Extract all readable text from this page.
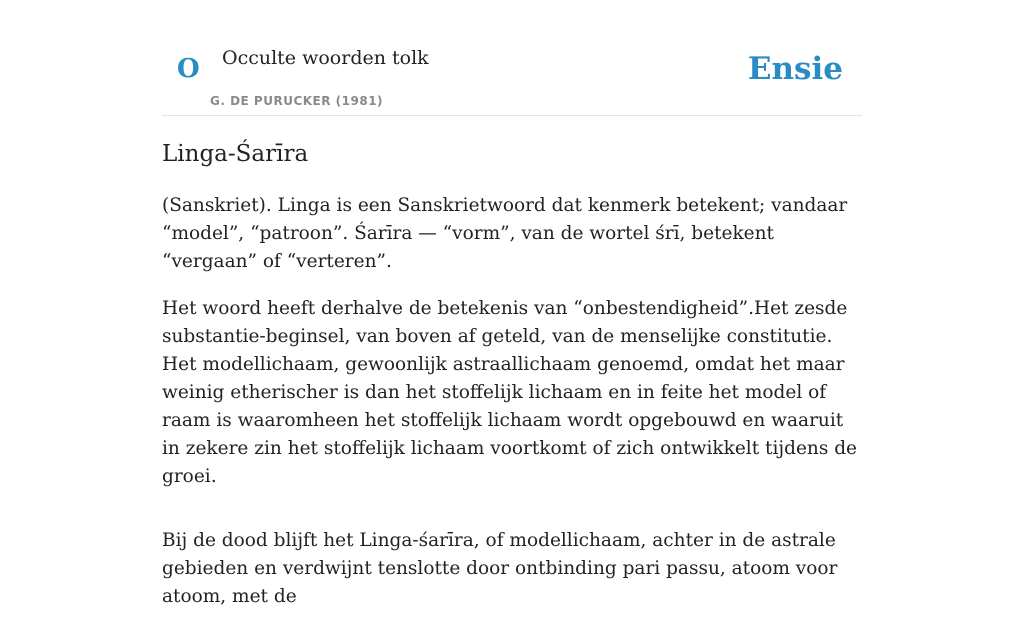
O Occulte woorden tolk
G. DE PURUCKER (1981)
Ensie
Linga-Śarīra

(Sanskriet). Linga is een Sanskrietwoord dat kenmerk betekent; vandaar “model”, “patroon”. Śarīra — “vorm”, van de wortel śrī, betekent “vergaan” of “verteren”.

Het woord heeft derhalve de betekenis van “onbestendigheid”.Het zesde substantie-beginsel, van boven af geteld, van de menselijke constitutie. Het modellichaam, gewoonlijk astraallichaam genoemd, omdat het maar weinig etherischer is dan het stoffelijk lichaam en in feite het model of raam is waaromheen het stoffelijk lichaam wordt opgebouwd en waaruit in zekere zin het stoffelijk lichaam voortkomt of zich ontwikkelt tijdens de groei.

Bij de dood blijft het Linga-śarīra, of modellichaam, achter in de astrale gebieden en verdwijnt tenslotte door ontbinding pari passu, atoom voor atoom, met de
